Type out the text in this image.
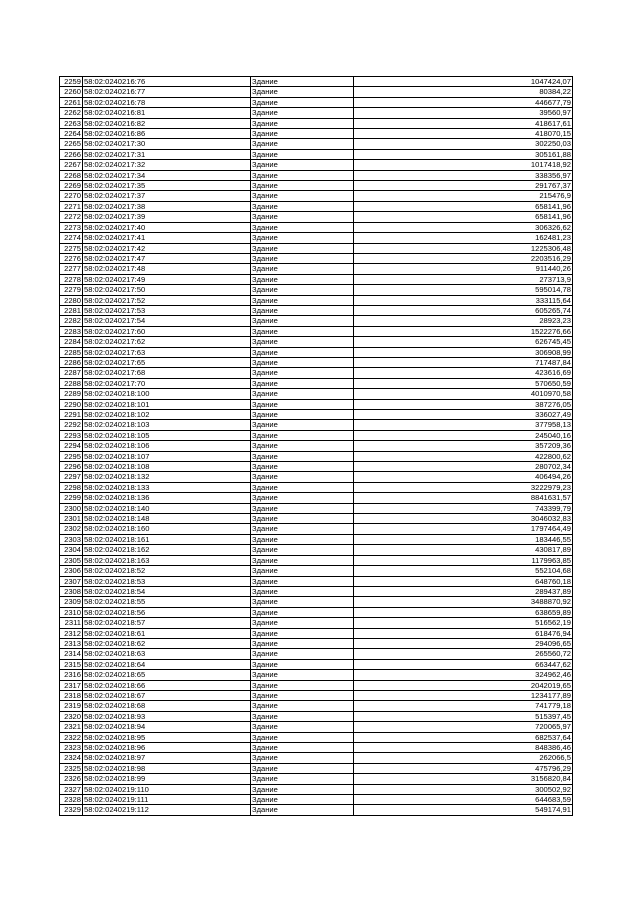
2259	58:02:0240216:76	Здание	1047424,07
2260	58:02:0240216:77	Здание	80384,22
2261	58:02:0240216:78	Здание	446677,79
2262	58:02:0240216:81	Здание	39560,97
2263	58:02:0240216:82	Здание	418617,61
2264	58:02:0240216:86	Здание	418070,15
2265	58:02:0240217:30	Здание	302250,03
2266	58:02:0240217:31	Здание	305161,88
2267	58:02:0240217:32	Здание	1017418,92
2268	58:02:0240217:34	Здание	338356,97
2269	58:02:0240217:35	Здание	291767,37
2270	58:02:0240217:37	Здание	215476,9
2271	58:02:0240217:38	Здание	658141,96
2272	58:02:0240217:39	Здание	658141,96
2273	58:02:0240217:40	Здание	306326,62
2274	58:02:0240217:41	Здание	162481,23
2275	58:02:0240217:42	Здание	1225306,48
2276	58:02:0240217:47	Здание	2203516,29
2277	58:02:0240217:48	Здание	911440,26
2278	58:02:0240217:49	Здание	273713,9
2279	58:02:0240217:50	Здание	595014,78
2280	58:02:0240217:52	Здание	333115,64
2281	58:02:0240217:53	Здание	605265,74
2282	58:02:0240217:54	Здание	28923,23
2283	58:02:0240217:60	Здание	1522276,66
2284	58:02:0240217:62	Здание	626745,45
2285	58:02:0240217:63	Здание	306908,99
2286	58:02:0240217:65	Здание	717487,84
2287	58:02:0240217:68	Здание	423616,69
2288	58:02:0240217:70	Здание	570650,59
2289	58:02:0240218:100	Здание	4010970,58
2290	58:02:0240218:101	Здание	387276,05
2291	58:02:0240218:102	Здание	336027,49
2292	58:02:0240218:103	Здание	377958,13
2293	58:02:0240218:105	Здание	245040,16
2294	58:02:0240218:106	Здание	357209,36
2295	58:02:0240218:107	Здание	422800,62
2296	58:02:0240218:108	Здание	280702,34
2297	58:02:0240218:132	Здание	406494,26
2298	58:02:0240218:133	Здание	3222979,23
2299	58:02:0240218:136	Здание	8841631,57
2300	58:02:0240218:140	Здание	743399,79
2301	58:02:0240218:148	Здание	3046032,83
2302	58:02:0240218:160	Здание	1797464,49
2303	58:02:0240218:161	Здание	183446,55
2304	58:02:0240218:162	Здание	430817,89
2305	58:02:0240218:163	Здание	1179963,85
2306	58:02:0240218:52	Здание	552104,68
2307	58:02:0240218:53	Здание	648760,18
2308	58:02:0240218:54	Здание	289437,89
2309	58:02:0240218:55	Здание	3488870,92
2310	58:02:0240218:56	Здание	638659,89
2311	58:02:0240218:57	Здание	516562,19
2312	58:02:0240218:61	Здание	618476,94
2313	58:02:0240218:62	Здание	294096,65
2314	58:02:0240218:63	Здание	265560,72
2315	58:02:0240218:64	Здание	663447,62
2316	58:02:0240218:65	Здание	324962,46
2317	58:02:0240218:66	Здание	2042019,65
2318	58:02:0240218:67	Здание	1234177,89
2319	58:02:0240218:68	Здание	741779,18
2320	58:02:0240218:93	Здание	515397,45
2321	58:02:0240218:94	Здание	720065,97
2322	58:02:0240218:95	Здание	682537,64
2323	58:02:0240218:96	Здание	848386,46
2324	58:02:0240218:97	Здание	262066,5
2325	58:02:0240218:98	Здание	475796,29
2326	58:02:0240218:99	Здание	3156820,84
2327	58:02:0240219:110	Здание	300502,92
2328	58:02:0240219:111	Здание	644683,59
2329	58:02:0240219:112	Здание	549174,91
